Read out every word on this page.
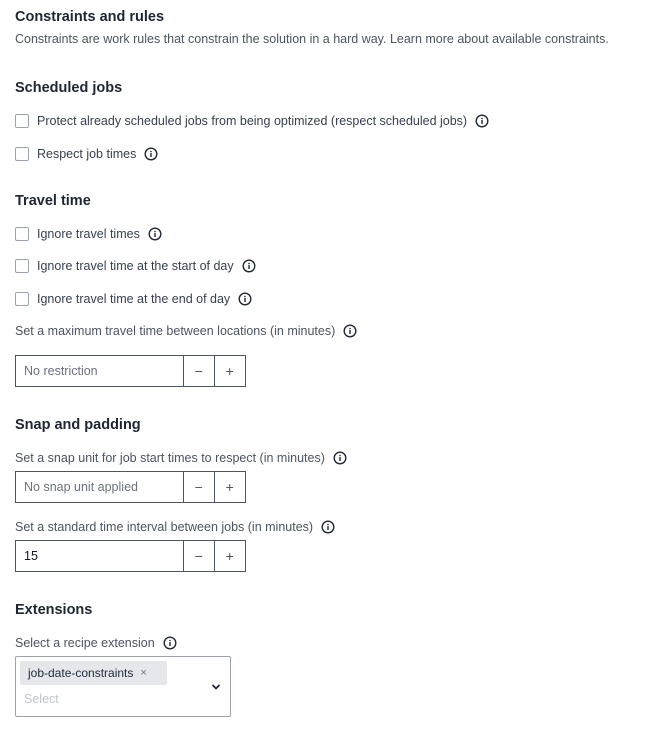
Constraints and rules
Constraints are work rules that constrain the solution in a hard way. Learn more about available constraints.
Scheduled jobs
Protect already scheduled jobs from being optimized (respect scheduled jobs)
Respect job times
Travel time
Ignore travel times
Ignore travel time at the start of day
Ignore travel time at the end of day
Set a maximum travel time between locations (in minutes)
No restriction
−	+
Snap and padding
Set a snap unit for job start times to respect (in minutes)
No snap unit applied
−	+
Set a standard time interval between jobs (in minutes)
15
−	+
Extensions
Select a recipe extension
job-date-constraints ×
Select
